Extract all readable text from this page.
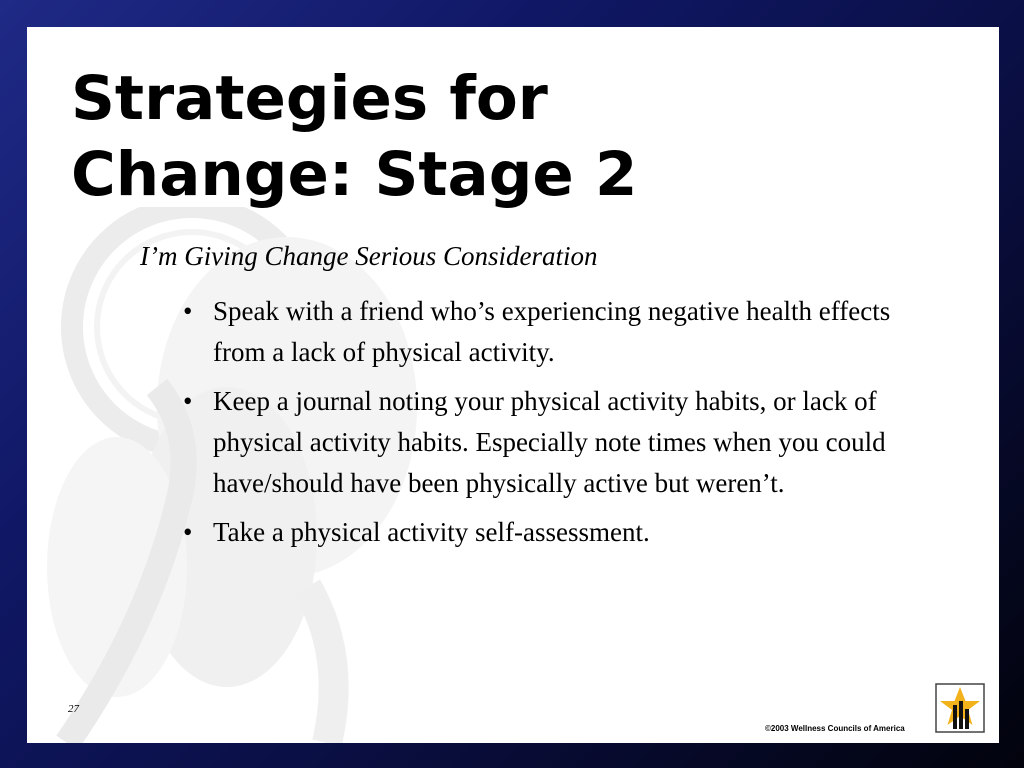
Strategies for
Change: Stage 2

I’m Giving Change Serious Consideration

• Speak with a friend who’s experiencing negative health effects from a lack of physical activity.
• Keep a journal noting your physical activity habits, or lack of physical activity habits. Especially note times when you could have/should have been physically active but weren’t.
• Take a physical activity self-assessment.
27
©2003 Wellness Councils of America
